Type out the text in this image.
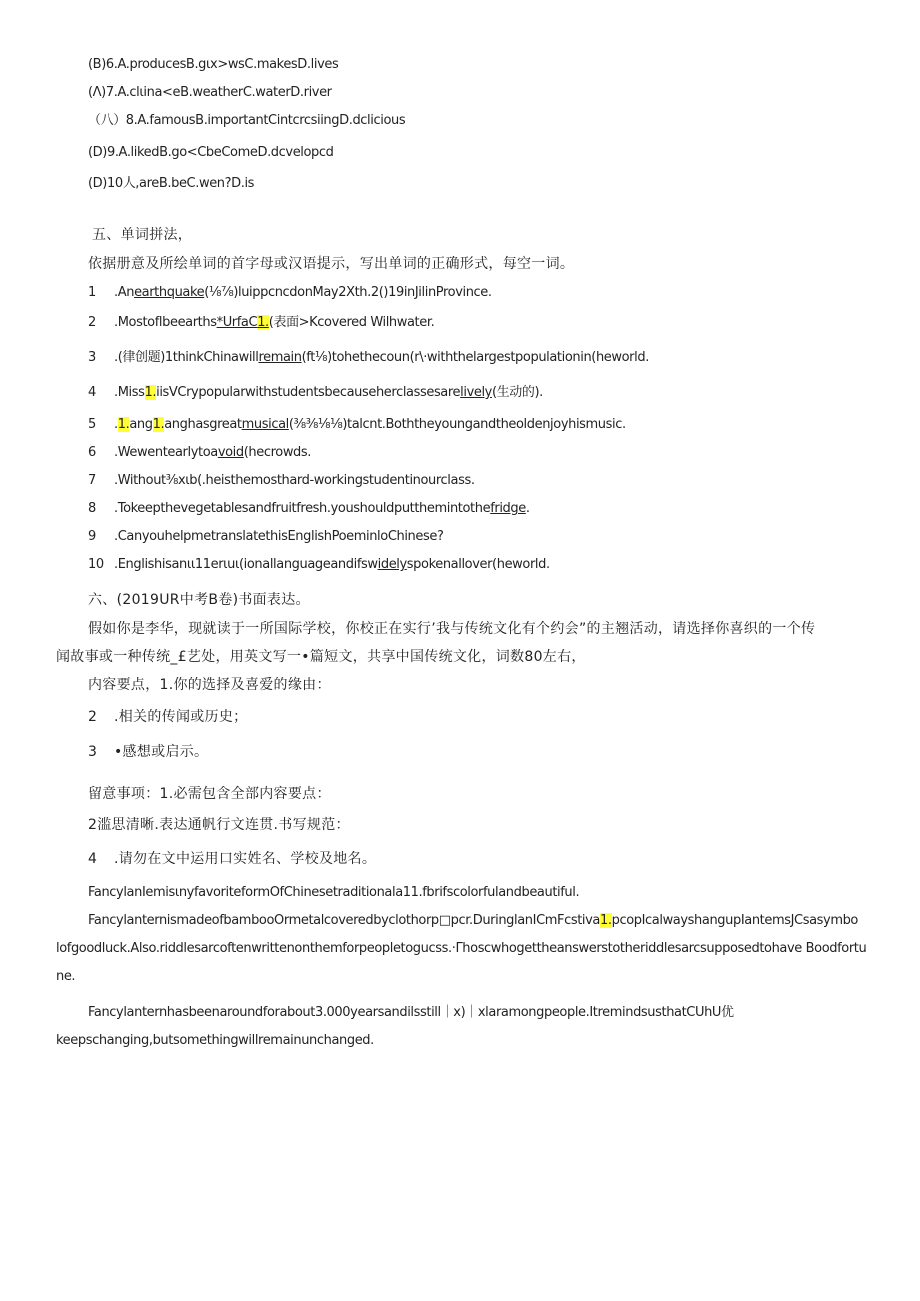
(B)6.A.producesB.gιx>wsC.makesD.lives
(Λ)7.A.clιina<eB.weatherC.waterD.river
（八）8.A.famousB.importantCintcrcsiingD.dclicious
(D)9.A.likedB.go<CbeComeD.dcvelopcd
(D)10人,areB.beC.wen?D.is
五、单词拼法，
依据册意及所绘单词的首字母或汉语提示，写出单词的正确形式，每空一词。
1 .Anearthquake(⅛⅞)luippcncdonMay2Xth.2()19inJilinProvince.
2 .Mostoflbeearths*UrfaC1.(表面>Kcovered Wilhwater.
3 .(律创题)1thinkChinawillremain(ft⅛)tohethecoun(r\·withthelargestpopulationin(heworld.
4 .Miss1.iisVCrypopularwithstudentsbecauseherclassesarelively(生动的).
5 .1.ang1.anghasgreatmusical(⅜⅜⅛⅛)talcnt.Boththeyoungandtheoldenjoyhismusic.
6 .Wewentearlytoavoid(hecrowds.
7 .Without⅜xιb(.heisthemosthard-workingstudentinourclass.
8 .Tokeepthevegetablesandfruitfresh.youshouldputthemintothefridge.
9 .CanyouhelpmetranslatethisEnglishPoeminloChinese?
10 .Englishisanιι11erιuι(ionallanguageandifswidelyspokenallover(heworld.
六、(2019UR中考B卷)书面表达。
假如你是李华，现就读于一所国际学校，你校正在实行’我与传统文化有个约会”的主翘活动，请选择你喜织的一个传
闻故事或一种传统_£艺处，用英文写一•篇短文，共享中国传统文化，词数80左右，
内容要点，1.你的选择及喜爱的缘由：
2 .相关的传闻或历史；
3 •感想或启示。
留意事项：1.必需包含全部内容要点：
2滥思清晰.表达通帆行文连贯.书写规范：
4 .请勿在文中运用口实姓名、学校及地名。
FancylanIemisιnyfavoriteformOfChinesetraditionala11.fbrifscolorfulandbeautiful.
FancylanternismadeofbambooOrmetalcoveredbyclothorp□pcr.DuringlanICmFcstiva1.pcopIcalwayshangupIantemsJCsasymbo
lofgoodluck.Also.riddlesarcoftenwrittenonthemforpeopletogucss.·Γhoscwhogettheanswerstotheriddlesarcsupposedtohave Boodfortu
ne.
Fancylanternhasbeenaroundforabout3.000yearsandilsstill｜x)｜xlaramongpeople.ItremindsusthatCUhU优
keepschanging,butsomethingwillremainunchanged.
